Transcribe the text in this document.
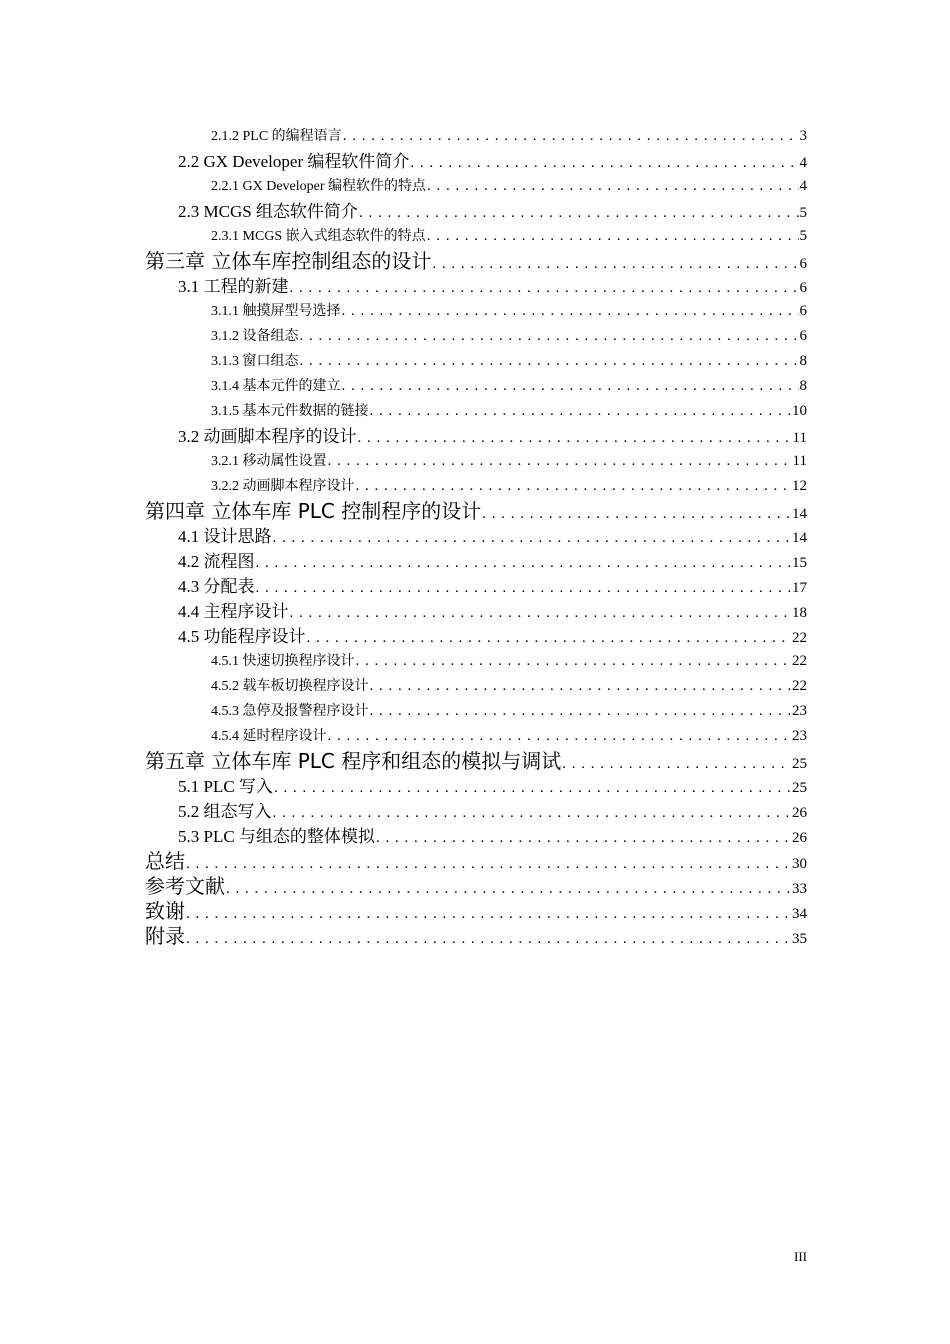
2.1.2 PLC 的编程语言 . . .	3
2.2 GX Developer 编程软件简介 . . .	4
2.2.1 GX Developer 编程软件的特点 . . .	4
2.3 MCGS 组态软件简介 . . .	5
2.3.1 MCGS 嵌入式组态软件的特点 . . .	5
第三章 立体车库控制组态的设计 . . .	6
3.1 工程的新建 . . .	6
3.1.1 触摸屏型号选择 . . .	6
3.1.2 设备组态 . . .	6
3.1.3 窗口组态 . . .	8
3.1.4 基本元件的建立 . . .	8
3.1.5 基本元件数据的链接 . . .	10
3.2 动画脚本程序的设计 . . .	11
3.2.1 移动属性设置 . . .	11
3.2.2 动画脚本程序设计 . . .	12
第四章 立体车库 PLC 控制程序的设计 . . .	14
4.1 设计思路 . . .	14
4.2 流程图 . . .	15
4.3 分配表 . . .	17
4.4 主程序设计 . . .	18
4.5 功能程序设计 . . .	22
4.5.1 快速切换程序设计 . . .	22
4.5.2 载车板切换程序设计 . . .	22
4.5.3 急停及报警程序设计 . . .	23
4.5.4 延时程序设计 . . .	23
第五章 立体车库 PLC 程序和组态的模拟与调试 . . .	25
5.1 PLC 写入 . . .	25
5.2 组态写入 . . .	26
5.3 PLC 与组态的整体模拟 . . .	26
总结 . . .	30
参考文献 . . .	33
致谢 . . .	34
附录 . . .	35
III
